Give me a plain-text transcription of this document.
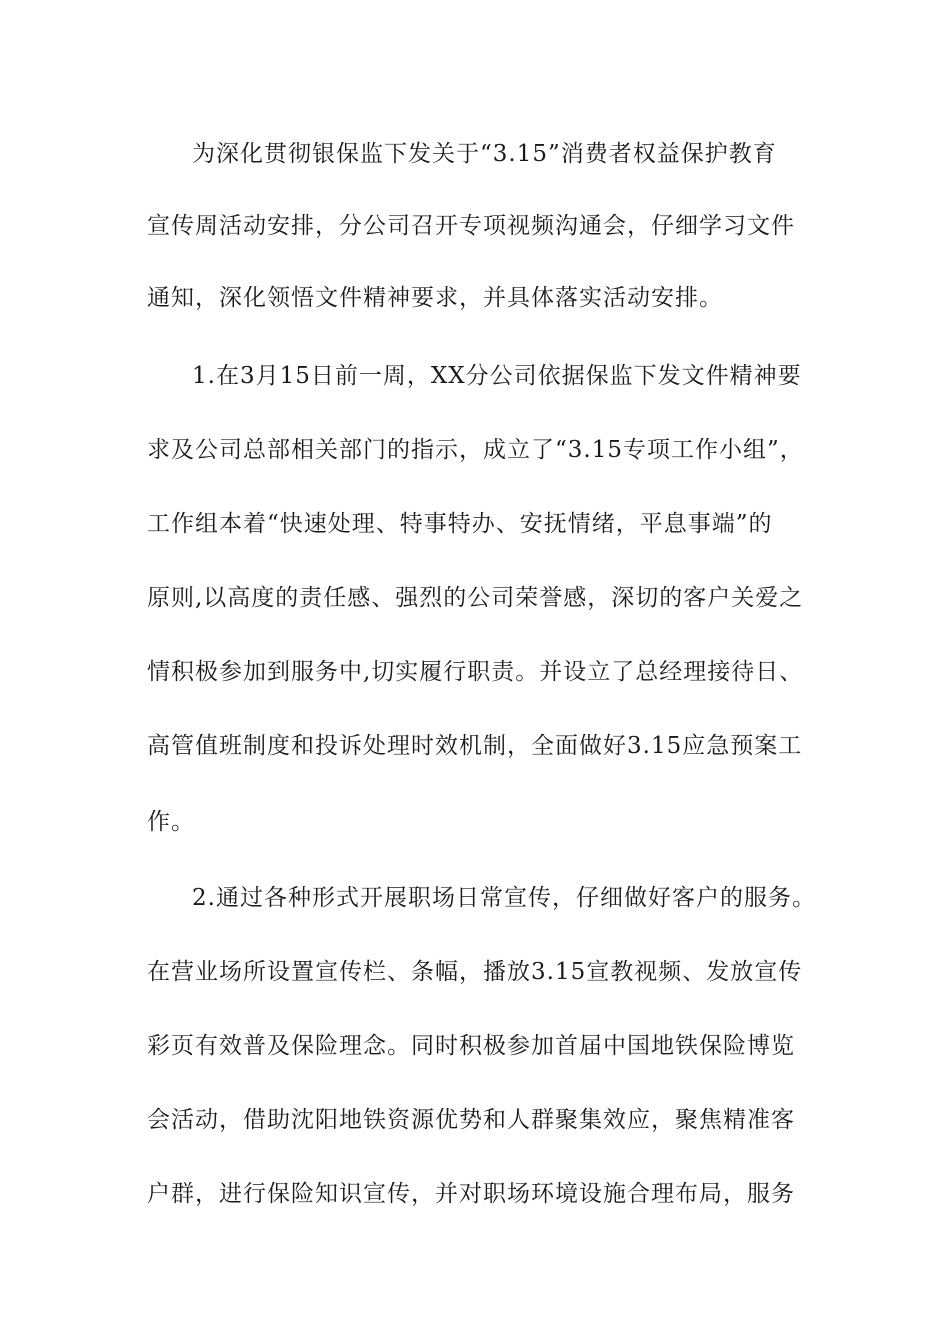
为深化贯彻银保监下发关于“3.15”消费者权益保护教育
宣传周活动安排，分公司召开专项视频沟通会，仔细学习文件
通知，深化领悟文件精神要求，并具体落实活动安排。
1.在3月15日前一周，XX分公司依据保监下发文件精神要
求及公司总部相关部门的指示，成立了“3.15专项工作小组”，
工作组本着“快速处理、特事特办、安抚情绪，平息事端”的
原则,以高度的责任感、强烈的公司荣誉感，深切的客户关爱之
情积极参加到服务中,切实履行职责。并设立了总经理接待日、
高管值班制度和投诉处理时效机制，全面做好3.15应急预案工
作。
2.通过各种形式开展职场日常宣传，仔细做好客户的服务。
在营业场所设置宣传栏、条幅，播放3.15宣教视频、发放宣传
彩页有效普及保险理念。同时积极参加首届中国地铁保险博览
会活动，借助沈阳地铁资源优势和人群聚集效应，聚焦精准客
户群，进行保险知识宣传，并对职场环境设施合理布局，服务
